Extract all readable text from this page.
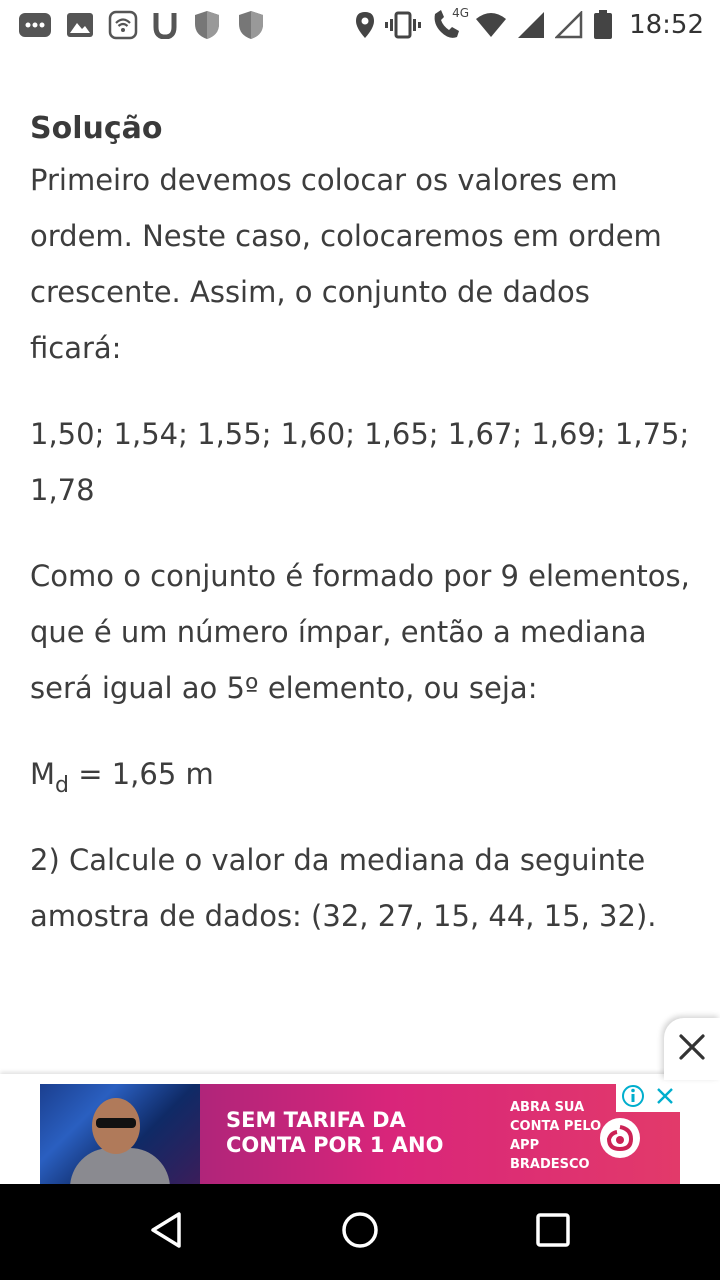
4G	18:52
Solução

Primeiro devemos colocar os valores em ordem. Neste caso, colocaremos em ordem crescente. Assim, o conjunto de dados ficará:

1,50; 1,54; 1,55; 1,60; 1,65; 1,67; 1,69; 1,75; 1,78

Como o conjunto é formado por 9 elementos, que é um número ímpar, então a mediana será igual ao 5º elemento, ou seja:

$M_d = 1,65$ m

2) Calcule o valor da mediana da seguinte amostra de dados: (32, 27, 15, 44, 15, 32).

SEM TARIFA DA CONTA POR 1 ANO
ABRA SUA CONTA PELO APP BRADESCO
